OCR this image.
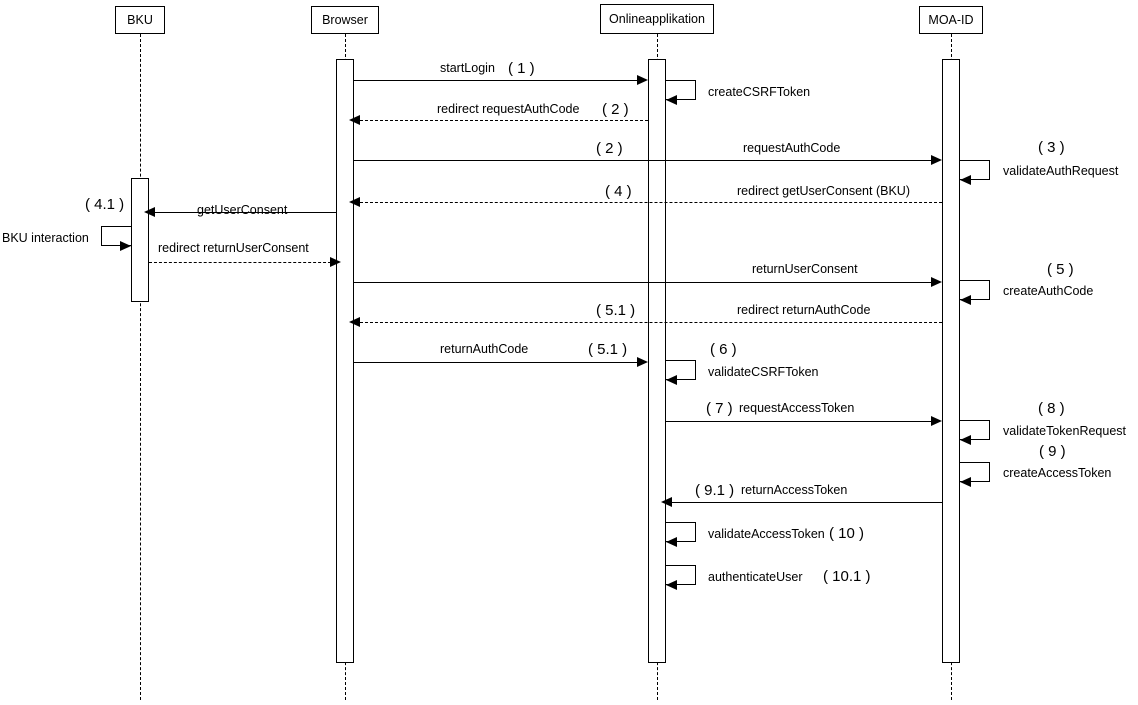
BKU	Browser	Onlineapplikation	MOA-ID
startLogin ( 1 )
createCSRFToken
redirect requestAuthCode ( 2 )
requestAuthCode
( 2 )
validateAuthRequest
( 3 )
redirect getUserConsent (BKU)
( 4 )
getUserConsent
( 4.1 )
BKU interaction
redirect returnUserConsent
returnUserConsent
createAuthCode
( 5 )
redirect returnAuthCode
( 5.1 )
returnAuthCode	( 5.1 )
validateCSRFToken
( 6 )
requestAccessToken
( 7 )
validateTokenRequest
( 8 )
createAccessToken
( 9 )
returnAccessToken
( 9.1 )
validateAccessToken ( 10 )
authenticateUser ( 10.1 )
